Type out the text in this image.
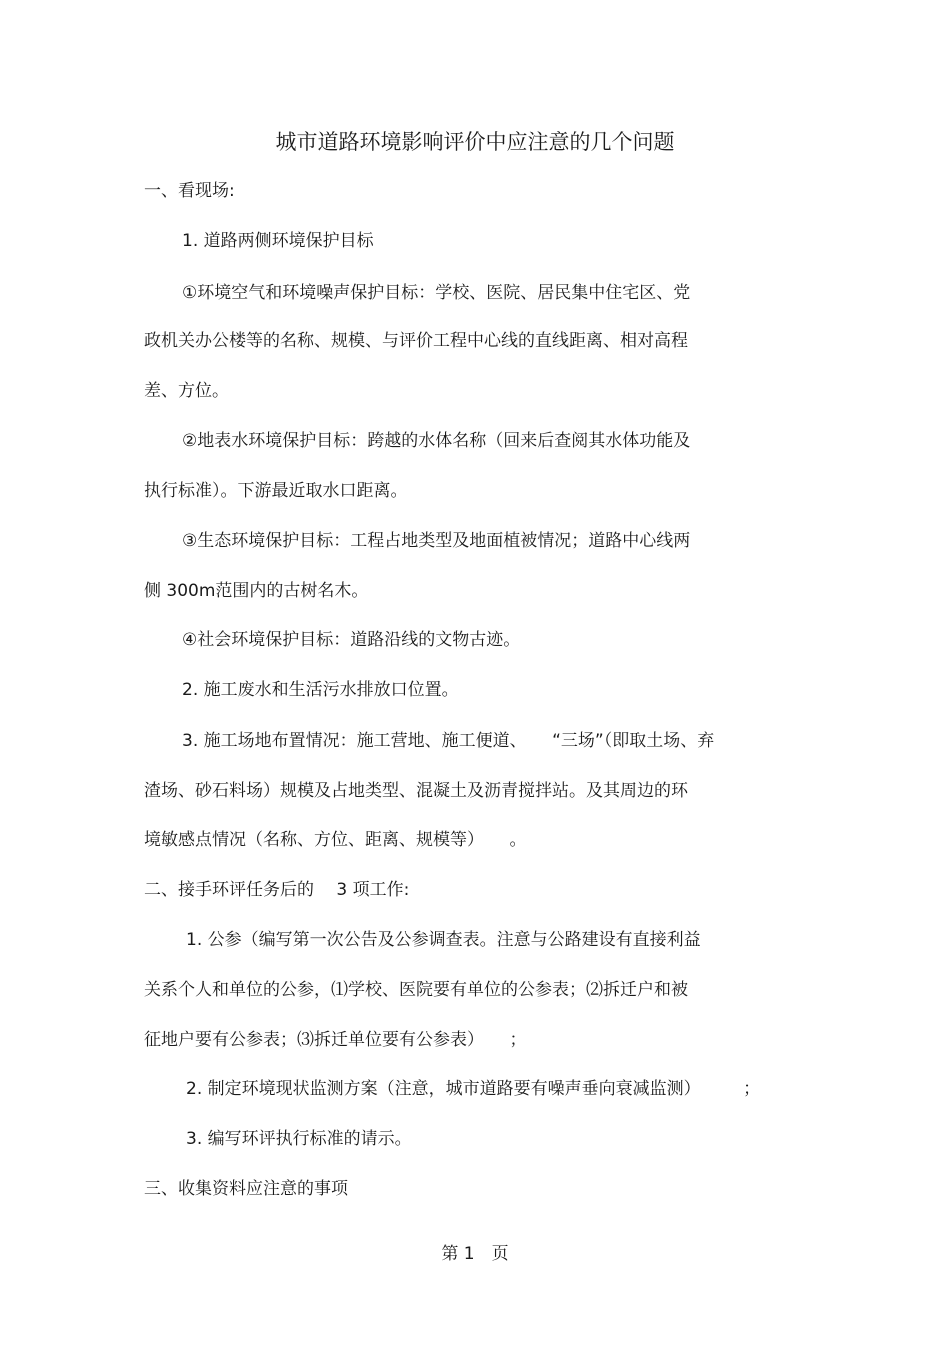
城市道路环境影响评价中应注意的几个问题
一、看现场:
1. 道路两侧环境保护目标
①环境空气和环境噪声保护目标：学校、医院、居民集中住宅区、党
政机关办公楼等的名称、规模、与评价工程中心线的直线距离、相对高程
差、方位。
②地表水环境保护目标：跨越的水体名称（回来后查阅其水体功能及
执行标准）。下游最近取水口距离。
③生态环境保护目标：工程占地类型及地面植被情况；道路中心线两
侧 300m范围内的古树名木。
④社会环境保护目标：道路沿线的文物古迹。
2. 施工废水和生活污水排放口位置。
3. 施工场地布置情况：施工营地、施工便道、　　“三场”（即取土场、弃
渣场、砂石料场）规模及占地类型、混凝土及沥青搅拌站。及其周边的环
境敏感点情况（名称、方位、距离、规模等）　　。
二、接手环评任务后的　 3 项工作:
1. 公参（编写第一次公告及公参调查表。注意与公路建设有直接利益
关系个人和单位的公参，⑴学校、医院要有单位的公参表；⑵拆迁户和被
征地户要有公参表；⑶拆迁单位要有公参表）　　；
2. 制定环境现状监测方案（注意，城市道路要有噪声垂向衰减监测）　　　；
3. 编写环评执行标准的请示。
三、收集资料应注意的事项
第 1　页
